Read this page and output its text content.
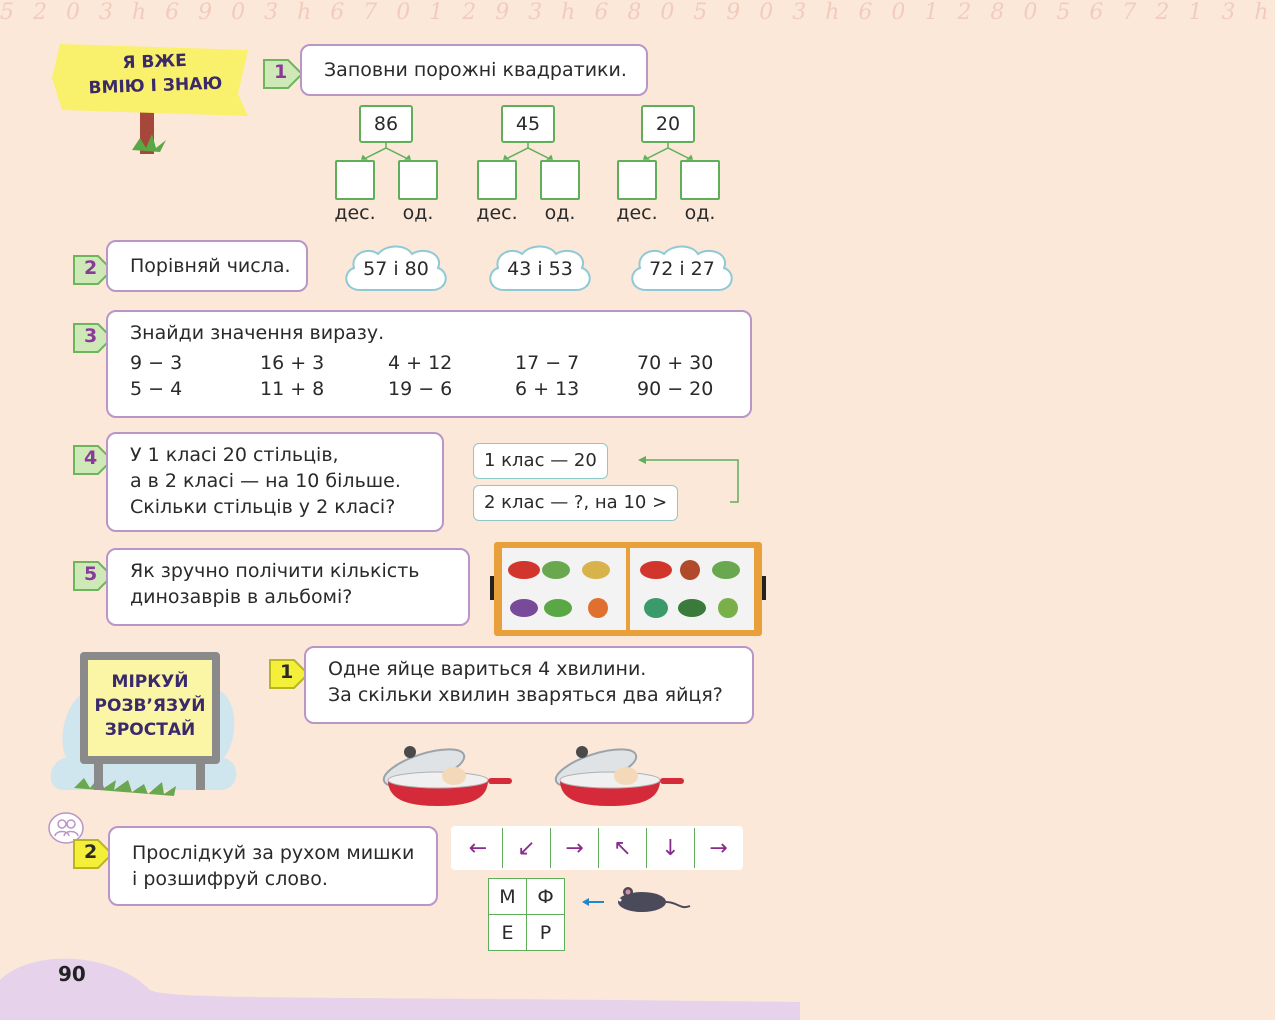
5 2 0 3 h 6 9 0 3 h 6 7 0 1 2 9 3 h 6 8 0 5 9 0 3 h 6 0 1 2 8 0 5 6 7 2 1 3 h
Я ВЖЕ
ВМІЮ І ЗНАЮ
1	Заповни порожні квадратики.
86	45	20
дес.	од.	дес.	од.	дес.	од.
2	Порівняй числа.	57 і 80	43 і 53	72 і 27
3 Знайди значення виразу.
9 − 3	16 + 3	4 + 12	17 − 7	70 + 30
5 − 4	11 + 8	19 − 6	6 + 13	90 − 20
4 У 1 класі 20 стільців,
а в 2 класі — на 10 більше.
Скільки стільців у 2 класі?
1 клас — 20
2 клас — ?, на 10 >
5 Як зручно полічити кількість
динозаврів в альбомі?
МІРКУЙ
РОЗВ’ЯЗУЙ
ЗРОСТАЙ
1 Одне яйце вариться 4 хвилини.
За скільки хвилин зваряться два яйця?
2 Прослідкуй за рухом мишки
і розшифруй слово.
←	↙	→	↖	↓	→
М	Ф
Е	Р
90
